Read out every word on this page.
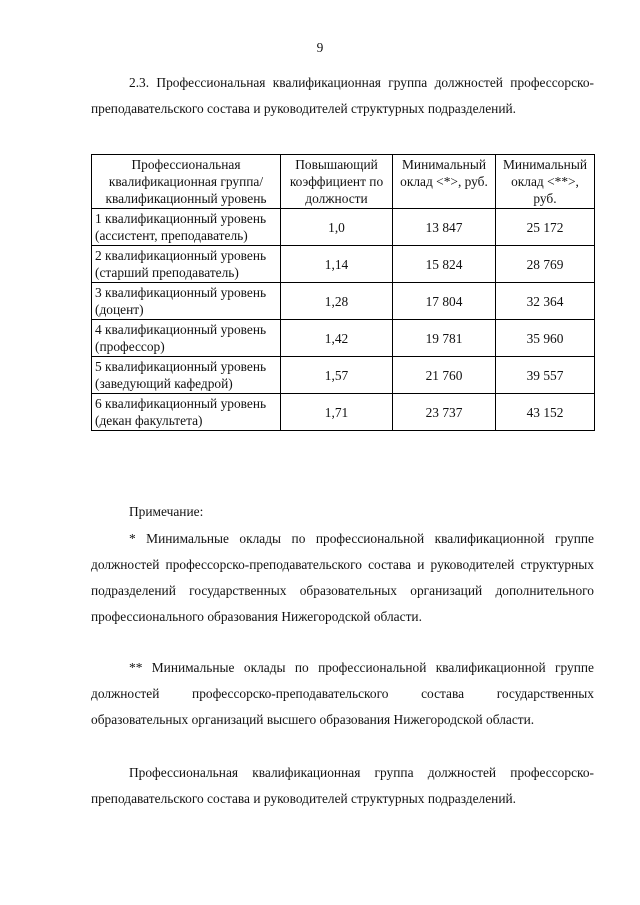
9

2.3. Профессиональная квалификационная группа должностей профессорско-преподавательского состава и руководителей структурных подразделений.

Профессиональная квалификационная группа/квалификационный уровень	Повышающий коэффициент по должности	Минимальный оклад <*>, руб.	Минимальный оклад <**>, руб.
1 квалификационный уровень (ассистент, преподаватель)	1,0	13 847	25 172
2 квалификационный уровень (старший преподаватель)	1,14	15 824	28 769
3 квалификационный уровень (доцент)	1,28	17 804	32 364
4 квалификационный уровень (профессор)	1,42	19 781	35 960
5 квалификационный уровень (заведующий кафедрой)	1,57	21 760	39 557
6 квалификационный уровень (декан факультета)	1,71	23 737	43 152
Примечание:

* Минимальные оклады по профессиональной квалификационной группе должностей профессорско-преподавательского состава и руководителей структурных подразделений государственных образовательных организаций дополнительного профессионального образования Нижегородской области.

** Минимальные оклады по профессиональной квалификационной группе должностей профессорско-преподавательского состава государственных образовательных организаций высшего образования Нижегородской области.

Профессиональная квалификационная группа должностей профессорско-преподавательского состава и руководителей структурных подразделений.
